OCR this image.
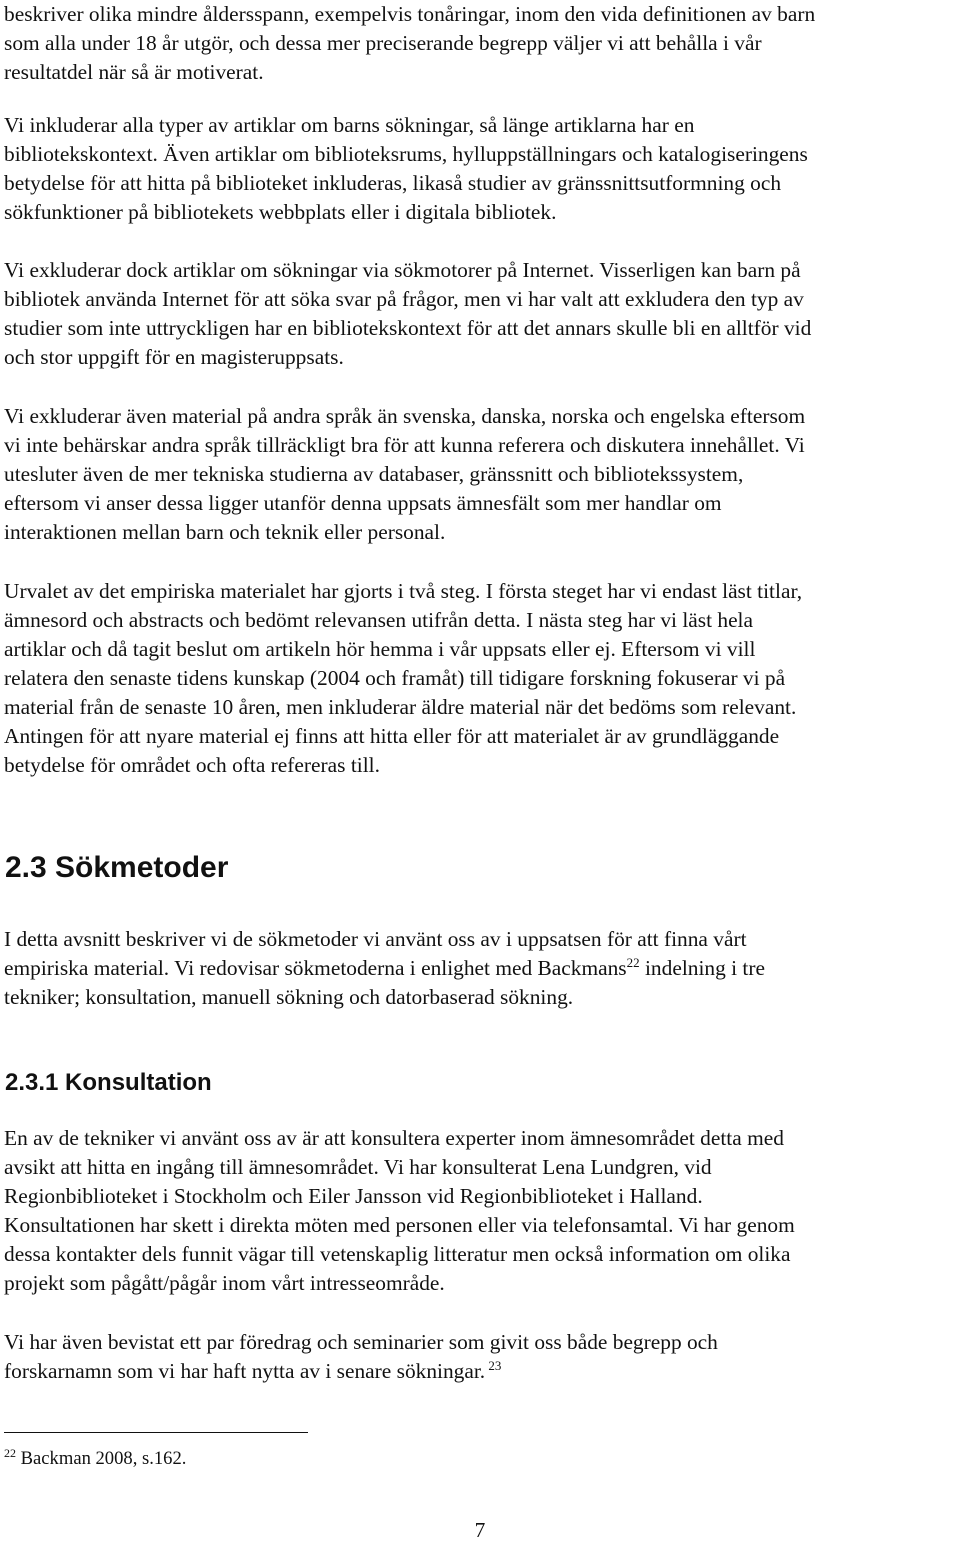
beskriver olika mindre åldersspann, exempelvis tonåringar, inom den vida definitionen av barn
som alla under 18 år utgör, och dessa mer preciserande begrepp väljer vi att behålla i vår
resultatdel när så är motiverat.
Vi inkluderar alla typer av artiklar om barns sökningar, så länge artiklarna har en
bibliotekskontext. Även artiklar om biblioteksrums, hylluppställningars och katalogiseringens
betydelse för att hitta på biblioteket inkluderas, likaså studier av gränssnittsutformning och
sökfunktioner på bibliotekets webbplats eller i digitala bibliotek.
Vi exkluderar dock artiklar om sökningar via sökmotorer på Internet. Visserligen kan barn på
bibliotek använda Internet för att söka svar på frågor, men vi har valt att exkludera den typ av
studier som inte uttryckligen har en bibliotekskontext för att det annars skulle bli en alltför vid
och stor uppgift för en magisteruppsats.
Vi exkluderar även material på andra språk än svenska, danska, norska och engelska eftersom
vi inte behärskar andra språk tillräckligt bra för att kunna referera och diskutera innehållet. Vi
utesluter även de mer tekniska studierna av databaser, gränssnitt och bibliotekssystem,
eftersom vi anser dessa ligger utanför denna uppsats ämnesfält som mer handlar om
interaktionen mellan barn och teknik eller personal.
Urvalet av det empiriska materialet har gjorts i två steg. I första steget har vi endast läst titlar,
ämnesord och abstracts och bedömt relevansen utifrån detta. I nästa steg har vi läst hela
artiklar och då tagit beslut om artikeln hör hemma i vår uppsats eller ej. Eftersom vi vill
relatera den senaste tidens kunskap (2004 och framåt) till tidigare forskning fokuserar vi på
material från de senaste 10 åren, men inkluderar äldre material när det bedöms som relevant.
Antingen för att nyare material ej finns att hitta eller för att materialet är av grundläggande
betydelse för området och ofta refereras till.
2.3 Sökmetoder
I detta avsnitt beskriver vi de sökmetoder vi använt oss av i uppsatsen för att finna vårt
empiriska material. Vi redovisar sökmetoderna i enlighet med Backmans$^{22}$ indelning i tre
tekniker; konsultation, manuell sökning och datorbaserad sökning.
2.3.1 Konsultation
En av de tekniker vi använt oss av är att konsultera experter inom ämnesområdet detta med
avsikt att hitta en ingång till ämnesområdet. Vi har konsulterat Lena Lundgren, vid
Regionbiblioteket i Stockholm och Eiler Jansson vid Regionbiblioteket i Halland.
Konsultationen har skett i direkta möten med personen eller via telefonsamtal. Vi har genom
dessa kontakter dels funnit vägar till vetenskaplig litteratur men också information om olika
projekt som pågått/pågår inom vårt intresseområde.
Vi har även bevistat ett par föredrag och seminarier som givit oss både begrepp och
forskarnamn som vi har haft nytta av i senare sökningar. $^{23}$
$^{22}$ Backman 2008, s.162.
7
